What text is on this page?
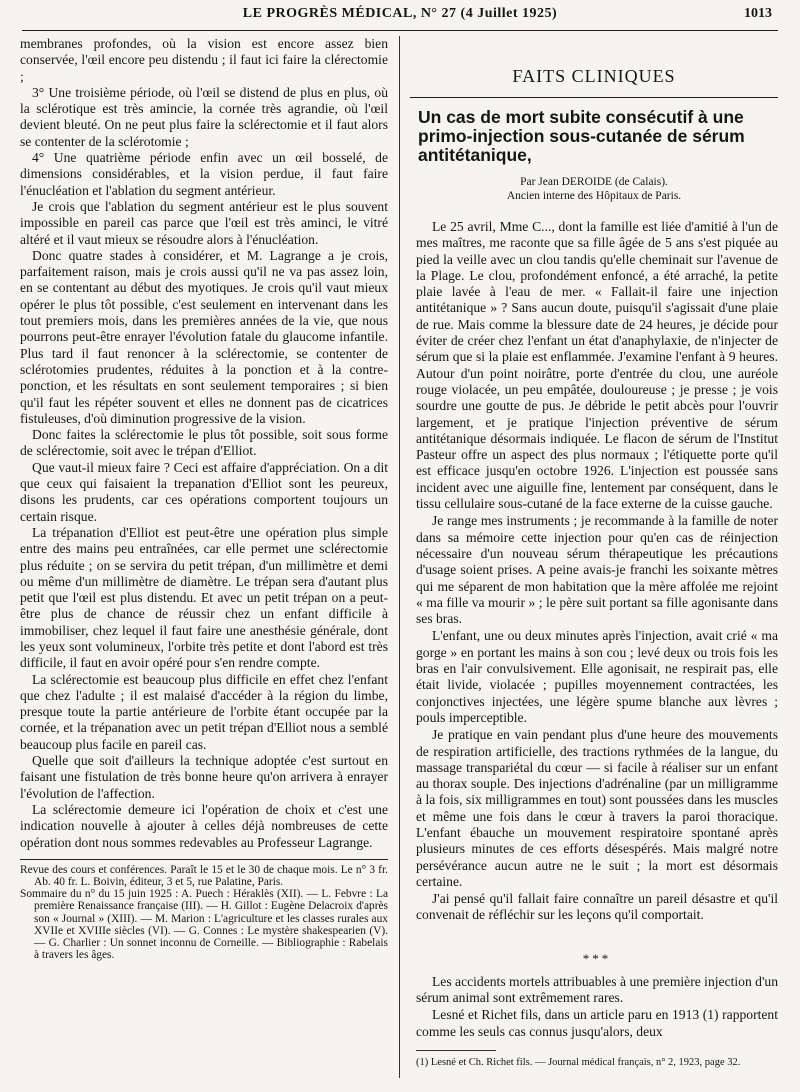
LE PROGRÈS MÉDICAL, N° 27 (4 Juillet 1925)	1013

membranes profondes, où la vision est encore assez bien conservée, l'œil encore peu distendu ; il faut ici faire la clérectomie ;

3° Une troisième période, où l'œil se distend de plus en plus, où la sclérotique est très amincie, la cornée très agrandie, où l'œil devient bleuté. On ne peut plus faire la sclérectomie et il faut alors se contenter de la sclérotomie ;

4° Une quatrième période enfin avec un œil bosselé, de dimensions considérables, et la vision perdue, il faut faire l'énucléation et l'ablation du segment antérieur.

Je crois que l'ablation du segment antérieur est le plus souvent impossible en pareil cas parce que l'œil est très aminci, le vitré altéré et il vaut mieux se résoudre alors à l'énucléation.

Donc quatre stades à considérer, et M. Lagrange a je crois, parfaitement raison, mais je crois aussi qu'il ne va pas assez loin, en se contentant au début des myotiques. Je crois qu'il vaut mieux opérer le plus tôt possible, c'est seulement en intervenant dans les tout premiers mois, dans les premières années de la vie, que nous pourrons peut-être enrayer l'évolution fatale du glaucome infantile. Plus tard il faut renoncer à la sclérectomie, se contenter de sclérotomies prudentes, réduites à la ponction et à la contre-ponction, et les résultats en sont seulement temporaires ; si bien qu'il faut les répéter souvent et elles ne donnent pas de cicatrices fistuleuses, d'où diminution progressive de la vision.

Donc faites la sclérectomie le plus tôt possible, soit sous forme de sclérectomie, soit avec le trépan d'Elliot.

Que vaut-il mieux faire ? Ceci est affaire d'appréciation. On a dit que ceux qui faisaient la trepanation d'Elliot sont les peureux, disons les prudents, car ces opérations comportent toujours un certain risque.

La trépanation d'Elliot est peut-être une opération plus simple entre des mains peu entraînées, car elle permet une sclérectomie plus réduite ; on se servira du petit trépan, d'un millimètre et demi ou même d'un millimètre de diamètre. Le trépan sera d'autant plus petit que l'œil est plus distendu. Et avec un petit trépan on a peut-être plus de chance de réussir chez un enfant difficile à immobiliser, chez lequel il faut faire une anesthésie générale, dont les yeux sont volumineux, l'orbite très petite et dont l'abord est très difficile, il faut en avoir opéré pour s'en rendre compte.

La sclérectomie est beaucoup plus difficile en effet chez l'enfant que chez l'adulte ; il est malaisé d'accéder à la région du limbe, presque toute la partie antérieure de l'orbite étant occupée par la cornée, et la trépanation avec un petit trépan d'Elliot nous a semblé beaucoup plus facile en pareil cas.

Quelle que soit d'ailleurs la technique adoptée c'est surtout en faisant une fistulation de très bonne heure qu'on arrivera à enrayer l'évolution de l'affection.

La sclérectomie demeure ici l'opération de choix et c'est une indication nouvelle à ajouter à celles déjà nombreuses de cette opération dont nous sommes redevables au Professeur Lagrange.

Revue des cours et conférences. Paraît le 15 et le 30 de chaque mois. Le n° 3 fr. Ab. 40 fr. L. Boivin, éditeur, 3 et 5, rue Palatine, Paris.

Sommaire du n° du 15 juin 1925 : A. Puech : Héraklès (XII). — L. Febvre : La première Renaissance française (III). — H. Gillot : Eugène Delacroix d'après son « Journal » (XIII). — M. Marion : L'agriculture et les classes rurales aux XVIIe et XVIIIe siècles (VI). — G. Connes : Le mystère shakespearien (V). — G. Charlier : Un sonnet inconnu de Corneille. — Bibliographie : Rabelais à travers les âges.

FAITS CLINIQUES
Un cas de mort subite consécutif à une primo-injection sous-cutanée de sérum antitétanique,
Par Jean DEROIDE (de Calais).
Ancien interne des Hôpitaux de Paris.

Le 25 avril, Mme C..., dont la famille est liée d'amitié à l'un de mes maîtres, me raconte que sa fille âgée de 5 ans s'est piquée au pied la veille avec un clou tandis qu'elle cheminait sur l'avenue de la Plage. Le clou, profondément enfoncé, a été arraché, la petite plaie lavée à l'eau de mer. « Fallait-il faire une injection antitétanique » ? Sans aucun doute, puisqu'il s'agissait d'une plaie de rue. Mais comme la blessure date de 24 heures, je décide pour éviter de créer chez l'enfant un état d'anaphylaxie, de n'injecter de sérum que si la plaie est enflammée. J'examine l'enfant à 9 heures. Autour d'un point noirâtre, porte d'entrée du clou, une auréole rouge violacée, un peu empâtée, douloureuse ; je presse ; je vois sourdre une goutte de pus. Je débride le petit abcès pour l'ouvrir largement, et je pratique l'injection préventive de sérum antitétanique désormais indiquée. Le flacon de sérum de l'Institut Pasteur offre un aspect des plus normaux ; l'étiquette porte qu'il est efficace jusqu'en octobre 1926. L'injection est poussée sans incident avec une aiguille fine, lentement par conséquent, dans le tissu cellulaire sous-cutané de la face externe de la cuisse gauche.

Je range mes instruments ; je recommande à la famille de noter dans sa mémoire cette injection pour qu'en cas de réinjection nécessaire d'un nouveau sérum thérapeutique les précautions d'usage soient prises. A peine avais-je franchi les soixante mètres qui me séparent de mon habitation que la mère affolée me rejoint « ma fille va mourir » ; le père suit portant sa fille agonisante dans ses bras.

L'enfant, une ou deux minutes après l'injection, avait crié « ma gorge » en portant les mains à son cou ; levé deux ou trois fois les bras en l'air convulsivement. Elle agonisait, ne respirait pas, elle était livide, violacée ; pupilles moyennement contractées, les conjonctives injectées, une légère spume blanche aux lèvres ; pouls imperceptible.

Je pratique en vain pendant plus d'une heure des mouvements de respiration artificielle, des tractions rythmées de la langue, du massage transpariétal du cœur — si facile à réaliser sur un enfant au thorax souple. Des injections d'adrénaline (par un milligramme à la fois, six milligrammes en tout) sont poussées dans les muscles et même une fois dans le cœur à travers la paroi thoracique. L'enfant ébauche un mouvement respiratoire spontané après plusieurs minutes de ces efforts désespérés. Mais malgré notre persévérance aucun autre ne le suit ; la mort est désormais certaine.

J'ai pensé qu'il fallait faire connaître un pareil désastre et qu'il convenait de réfléchir sur les leçons qu'il comportait.

***

Les accidents mortels attribuables à une première injection d'un sérum animal sont extrêmement rares.

Lesné et Richet fils, dans un article paru en 1913 (1) rapportent comme les seuls cas connus jusqu'alors, deux

(1) Lesné et Ch. Richet fils. — Journal médical français, n° 2, 1923, page 32.
